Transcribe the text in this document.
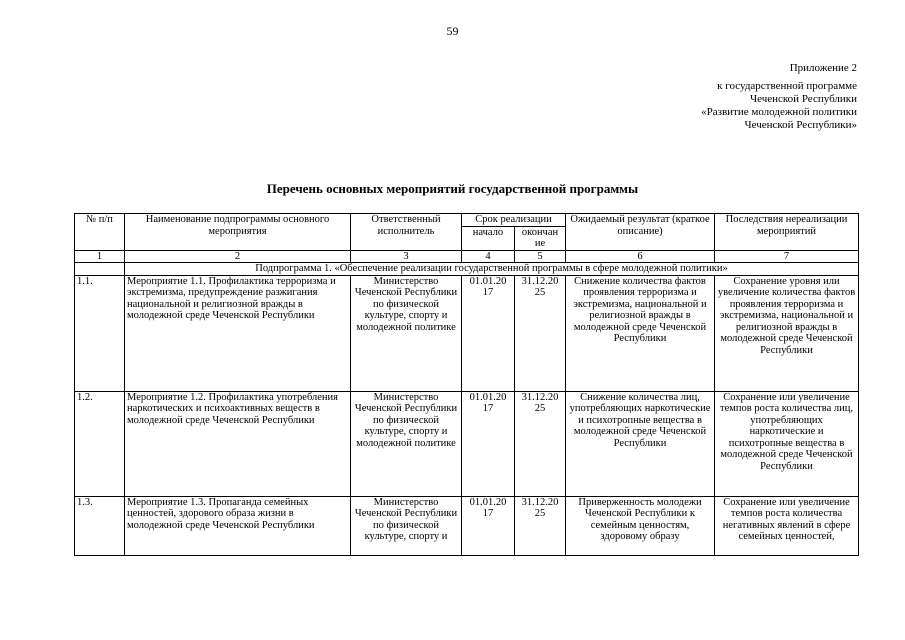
59
Приложение 2
к государственной программе
Чеченской Республики
«Развитие молодежной политики
Чеченской Республики»
Перечень основных мероприятий государственной программы
№ п/п	Наименование подпрограммы основного мероприятия	Ответственный исполнитель	Срок реализации		Ожидаемый результат (краткое описание)	Последствия нереализации мероприятий
			начало	окончан ие		
1	2	3	4	5	6	7
	Подпрограмма 1. «Обеспечение реализации государственной программы в сфере молодежной политики»					
1.1.	Мероприятие 1.1. Профилактика терроризма и экстремизма, предупреждение разжигания национальной и религиозной вражды в молодежной среде Чеченской Республики	Министерство Чеченской Республики по физической культуре, спорту и молодежной политике	01.01.20 17	31.12.20 25	Снижение количества фактов проявления терроризма и экстремизма, национальной и религиозной вражды в молодежной среде Чеченской Республики	Сохранение уровня или увеличение количества фактов проявления терроризма и экстремизма, национальной и религиозной вражды в молодежной среде Чеченской Республики
1.2.	Мероприятие 1.2. Профилактика употребления наркотических и психоактивных веществ в молодежной среде Чеченской Республики	Министерство Чеченской Республики по физической культуре, спорту и молодежной политике	01.01.20 17	31.12.20 25	Снижение количества лиц, употребляющих наркотические и психотропные вещества в молодежной среде Чеченской Республики	Сохранение или увеличение темпов роста количества лиц, употребляющих наркотические и психотропные вещества в молодежной среде Чеченской Республики
1.3.	Мероприятие 1.3. Пропаганда семейных ценностей, здорового образа жизни в молодежной среде Чеченской Республики	Министерство Чеченской Республики по физической культуре, спорту и	01.01.20 17	31.12.20 25	Приверженность молодежи Чеченской Республики к семейным ценностям, здоровому образу	Сохранение или увеличение темпов роста количества негативных явлений в сфере семейных ценностей,
